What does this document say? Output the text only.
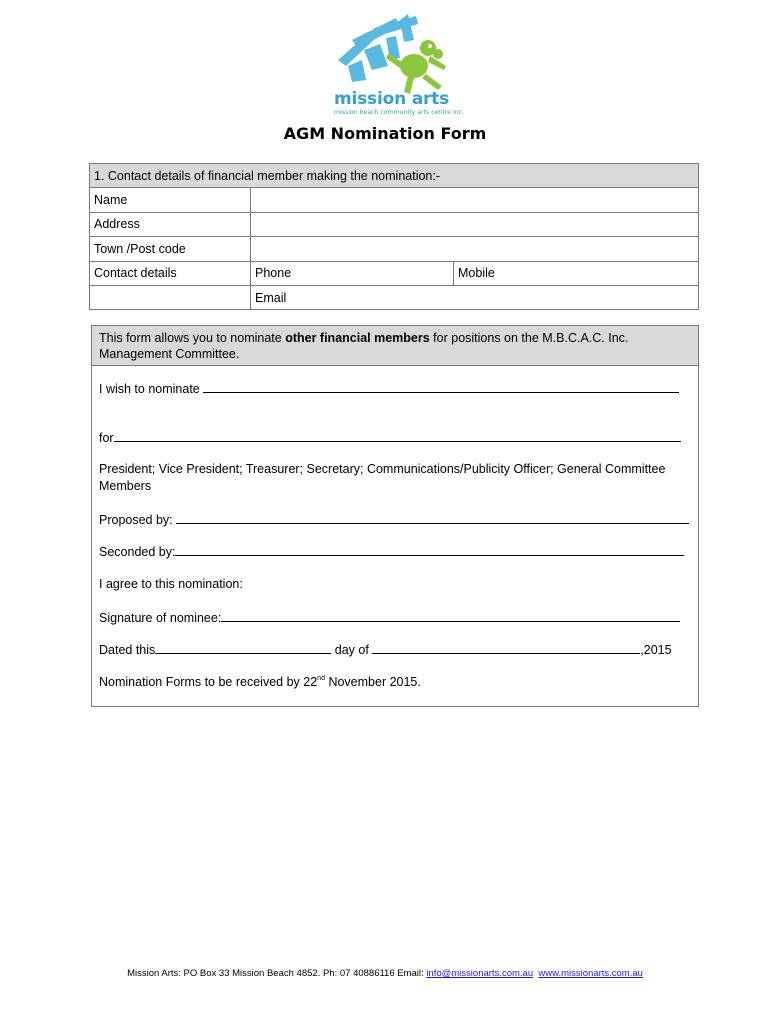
mission arts
mission beach community arts centre inc.
AGM Nomination Form
1. Contact details of financial member making the nomination:-		
Name		
Address		
Town /Post code		
Contact details	Phone	Mobile
	Email	
This form allows you to nominate other financial members for positions on the M.B.C.A.C. Inc. Management Committee.
I wish to nominate
for
President; Vice President; Treasurer; Secretary; Communications/Publicity Officer; General Committee Members
Proposed by:
Seconded by:
I agree to this nomination:
Signature of nominee:
Dated this	day of	,2015
Nomination Forms to be received by 22nd November 2015.
Mission Arts: PO Box 33 Mission Beach 4852. Ph: 07 40886116 Email: info@missionarts.com.au www.missionarts.com.au
